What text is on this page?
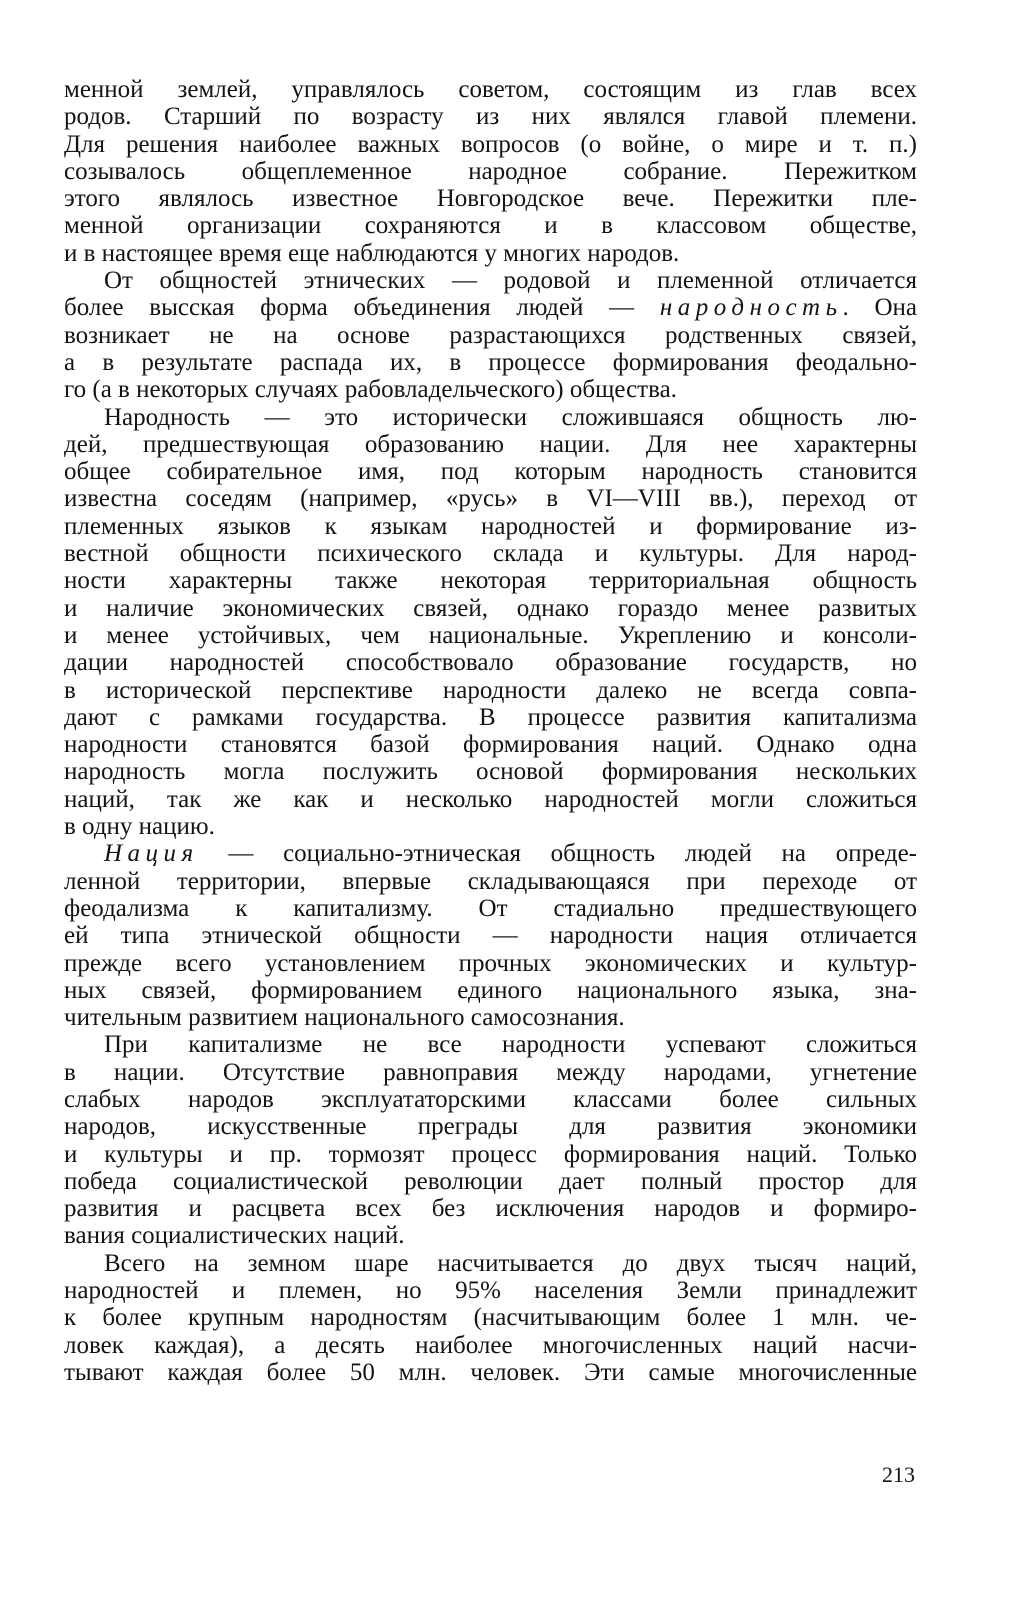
менной землей, управлялось советом, состоящим из глав всех
родов. Старший по возрасту из них являлся главой племени.
Для решения наиболее важных вопросов (о войне, о мире и т. п.)
созывалось общеплеменное народное собрание. Пережитком
этого являлось известное Новгородское вече. Пережитки пле-
менной организации сохраняются и в классовом обществе,
и в настоящее время еще наблюдаются у многих народов.
От общностей этнических — родовой и племенной отличается
более высская форма объединения людей — народность. Она
возникает не на основе разрастающихся родственных связей,
а в результате распада их, в процессе формирования феодально-
го (а в некоторых случаях рабовладельческого) общества.
Народность — это исторически сложившаяся общность лю-
дей, предшествующая образованию нации. Для нее характерны
общее собирательное имя, под которым народность становится
известна соседям (например, «русь» в VI—VIII вв.), переход от
племенных языков к языкам народностей и формирование из-
вестной общности психического склада и культуры. Для народ-
ности характерны также некоторая территориальная общность
и наличие экономических связей, однако гораздо менее развитых
и менее устойчивых, чем национальные. Укреплению и консоли-
дации народностей способствовало образование государств, но
в исторической перспективе народности далеко не всегда совпа-
дают с рамками государства. В процессе развития капитализма
народности становятся базой формирования наций. Однако одна
народность могла послужить основой формирования нескольких
наций, так же как и несколько народностей могли сложиться
в одну нацию.
Нация — социально-этническая общность людей на опреде-
ленной территории, впервые складывающаяся при переходе от
феодализма к капитализму. От стадиально предшествующего
ей типа этнической общности — народности нация отличается
прежде всего установлением прочных экономических и культур-
ных связей, формированием единого национального языка, зна-
чительным развитием национального самосознания.
При капитализме не все народности успевают сложиться
в нации. Отсутствие равноправия между народами, угнетение
слабых народов эксплуататорскими классами более сильных
народов, искусственные преграды для развития экономики
и культуры и пр. тормозят процесс формирования наций. Только
победа социалистической революции дает полный простор для
развития и расцвета всех без исключения народов и формиро-
вания социалистических наций.
Всего на земном шаре насчитывается до двух тысяч наций,
народностей и племен, но 95% населения Земли принадлежит
к более крупным народностям (насчитывающим более 1 млн. че-
ловек каждая), а десять наиболее многочисленных наций насчи-
тывают каждая более 50 млн. человек. Эти самые многочисленные
213
